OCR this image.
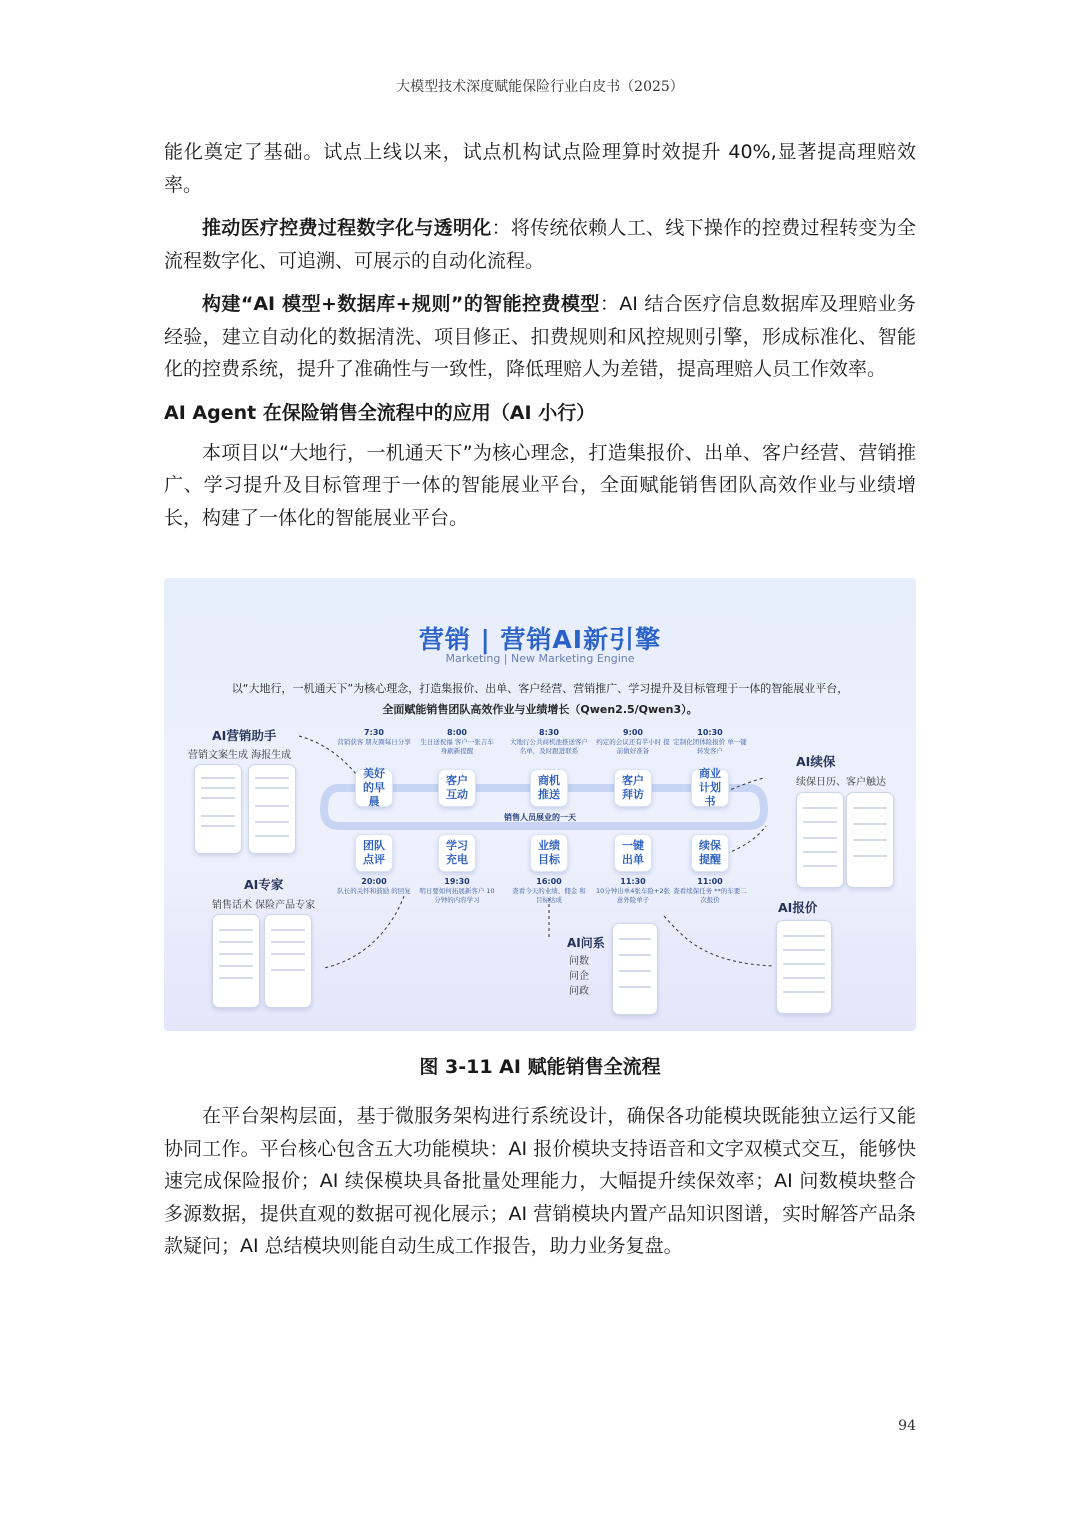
大模型技术深度赋能保险行业白皮书（2025）

能化奠定了基础。试点上线以来，试点机构试点险理算时效提升 40%,显著提高理赔效率。

推动医疗控费过程数字化与透明化：将传统依赖人工、线下操作的控费过程转变为全流程数字化、可追溯、可展示的自动化流程。

构建“AI 模型+数据库+规则”的智能控费模型：AI 结合医疗信息数据库及理赔业务经验，建立自动化的数据清洗、项目修正、扣费规则和风控规则引擎，形成标准化、智能化的控费系统，提升了准确性与一致性，降低理赔人为差错，提高理赔人员工作效率。

AI Agent 在保险销售全流程中的应用（AI 小行）

本项目以“大地行，一机通天下”为核心理念，打造集报价、出单、客户经营、营销推广、学习提升及目标管理于一体的智能展业平台，全面赋能销售团队高效作业与业绩增长，构建了一体化的智能展业平台。

营销 | 营销AI新引擎
Marketing | New Marketing Engine
以“大地行，一机通天下”为核心理念，打造集报价、出单、客户经营、营销推广、学习提升及目标管理于一体的智能展业平台，
全面赋能销售团队高效作业与业绩增长（Qwen2.5/Qwen3）。
AI营销助手
营销文案生成 海报生成
AI专家
销售话术 保险产品专家
AI续保
续保日历、客户触达
AI报价
AI问系
问数
问企
问政
销售人员展业的一天
7:30
营销获客 朋友圈每日分享
美好的早晨
8:00
生日送祝福 客户一张吉车身刷新提醒
客户互动
8:30
大地行公共商机池推送客户名单，及时跟进联系
商机推送
9:00
约定的会议还有半小时 提前做好准备
客户拜访
10:30
定制化团体险报价 单一键转发客户
商业计划书
团队点评
20:00
队长的关怀和鼓励 的回复
学习充电
19:30
明日要如何拓展新客户 10分钟的内容学习
业绩目标
16:00
查看今天的业绩、佣金 和目标达成
一键出单
11:30
10分钟出单4张车险+2张意外险单子
续保提醒
11:00
查看续保任务 **的车要二次报价
图 3-11 AI 赋能销售全流程

在平台架构层面，基于微服务架构进行系统设计，确保各功能模块既能独立运行又能协同工作。平台核心包含五大功能模块：AI 报价模块支持语音和文字双模式交互，能够快速完成保险报价；AI 续保模块具备批量处理能力，大幅提升续保效率；AI 问数模块整合多源数据，提供直观的数据可视化展示；AI 营销模块内置产品知识图谱，实时解答产品条款疑问；AI 总结模块则能自动生成工作报告，助力业务复盘。

94
